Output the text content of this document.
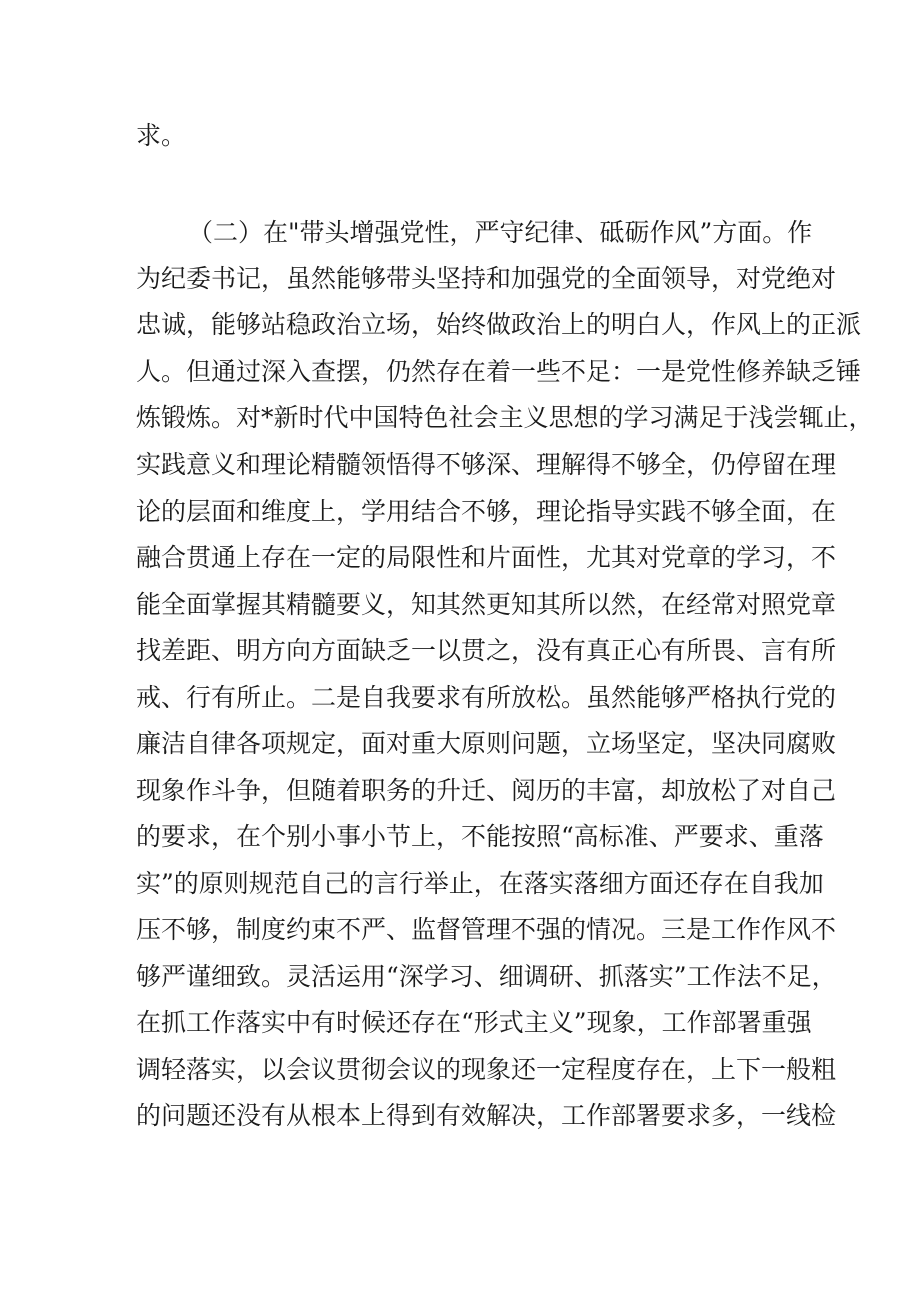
求。
（二）在"带头增强党性，严守纪律、砥砺作风”方面。作
为纪委书记，虽然能够带头坚持和加强党的全面领导，对党绝对
忠诚，能够站稳政治立场，始终做政治上的明白人，作风上的正派
人。但通过深入查摆，仍然存在着一些不足：一是党性修养缺乏锤
炼锻炼。对*新时代中国特色社会主义思想的学习满足于浅尝辄止，
实践意义和理论精髓领悟得不够深、理解得不够全，仍停留在理
论的层面和维度上，学用结合不够，理论指导实践不够全面，在
融合贯通上存在一定的局限性和片面性，尤其对党章的学习，不
能全面掌握其精髓要义，知其然更知其所以然，在经常对照党章
找差距、明方向方面缺乏一以贯之，没有真正心有所畏、言有所
戒、行有所止。二是自我要求有所放松。虽然能够严格执行党的
廉洁自律各项规定，面对重大原则问题，立场坚定，坚决同腐败
现象作斗争，但随着职务的升迁、阅历的丰富，却放松了对自己
的要求，在个别小事小节上，不能按照“高标准、严要求、重落
实”的原则规范自己的言行举止，在落实落细方面还存在自我加
压不够，制度约束不严、监督管理不强的情况。三是工作作风不
够严谨细致。灵活运用“深学习、细调研、抓落实”工作法不足，
在抓工作落实中有时候还存在“形式主义”现象，工作部署重强
调轻落实，以会议贯彻会议的现象还一定程度存在，上下一般粗
的问题还没有从根本上得到有效解决，工作部署要求多，一线检
